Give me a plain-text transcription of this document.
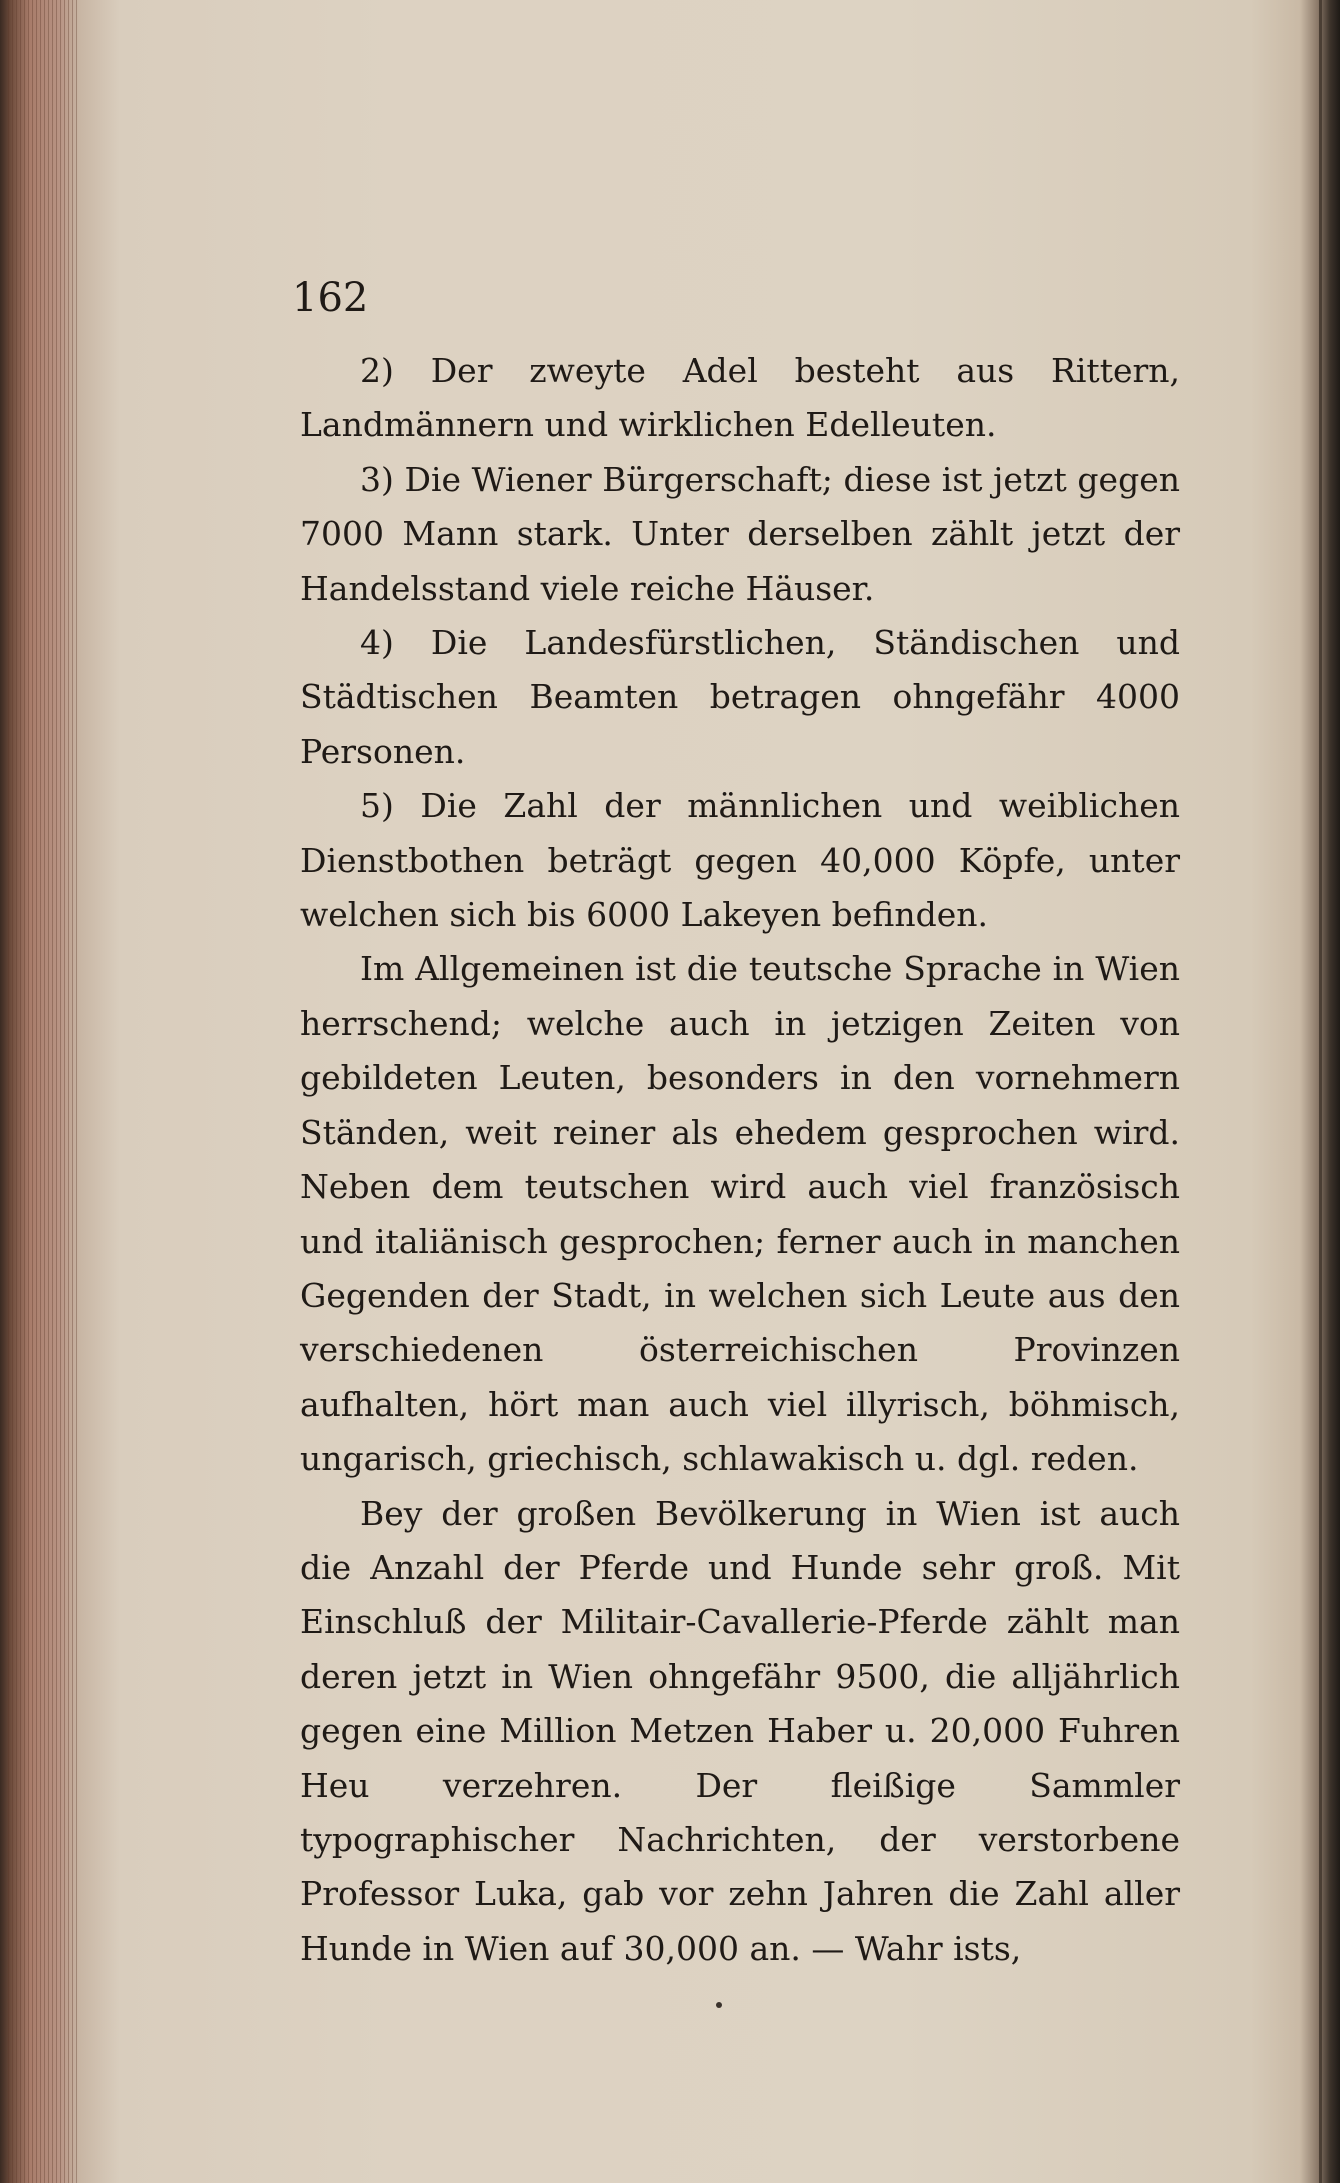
162

2) Der zweyte Adel besteht aus Rittern, Landmännern und wirklichen Edelleuten.

3) Die Wiener Bürgerschaft; diese ist jetzt gegen 7000 Mann stark. Unter derselben zählt jetzt der Handelsstand viele reiche Häuser.

4) Die Landesfürstlichen, Ständischen und Städtischen Beamten betragen ohngefähr 4000 Personen.

5) Die Zahl der männlichen und weiblichen Dienstbothen beträgt gegen 40,000 Köpfe, unter welchen sich bis 6000 Lakeyen befinden.

Im Allgemeinen ist die teutsche Sprache in Wien herrschend; welche auch in jetzigen Zeiten von gebildeten Leuten, besonders in den vornehmern Ständen, weit reiner als ehedem gesprochen wird. Neben dem teutschen wird auch viel französisch und italiänisch gesprochen; ferner auch in manchen Gegenden der Stadt, in welchen sich Leute aus den verschiedenen österreichischen Provinzen aufhalten, hört man auch viel illyrisch, böhmisch, ungarisch, griechisch, schlawakisch u. dgl. reden.

Bey der großen Bevölkerung in Wien ist auch die Anzahl der Pferde und Hunde sehr groß. Mit Einschluß der Militair-Cavallerie-Pferde zählt man deren jetzt in Wien ohngefähr 9500, die alljährlich gegen eine Million Metzen Haber u. 20,000 Fuhren Heu verzehren. Der fleißige Sammler typographischer Nachrichten, der verstorbene Professor Luka, gab vor zehn Jahren die Zahl aller Hunde in Wien auf 30,000 an. — Wahr ists,
